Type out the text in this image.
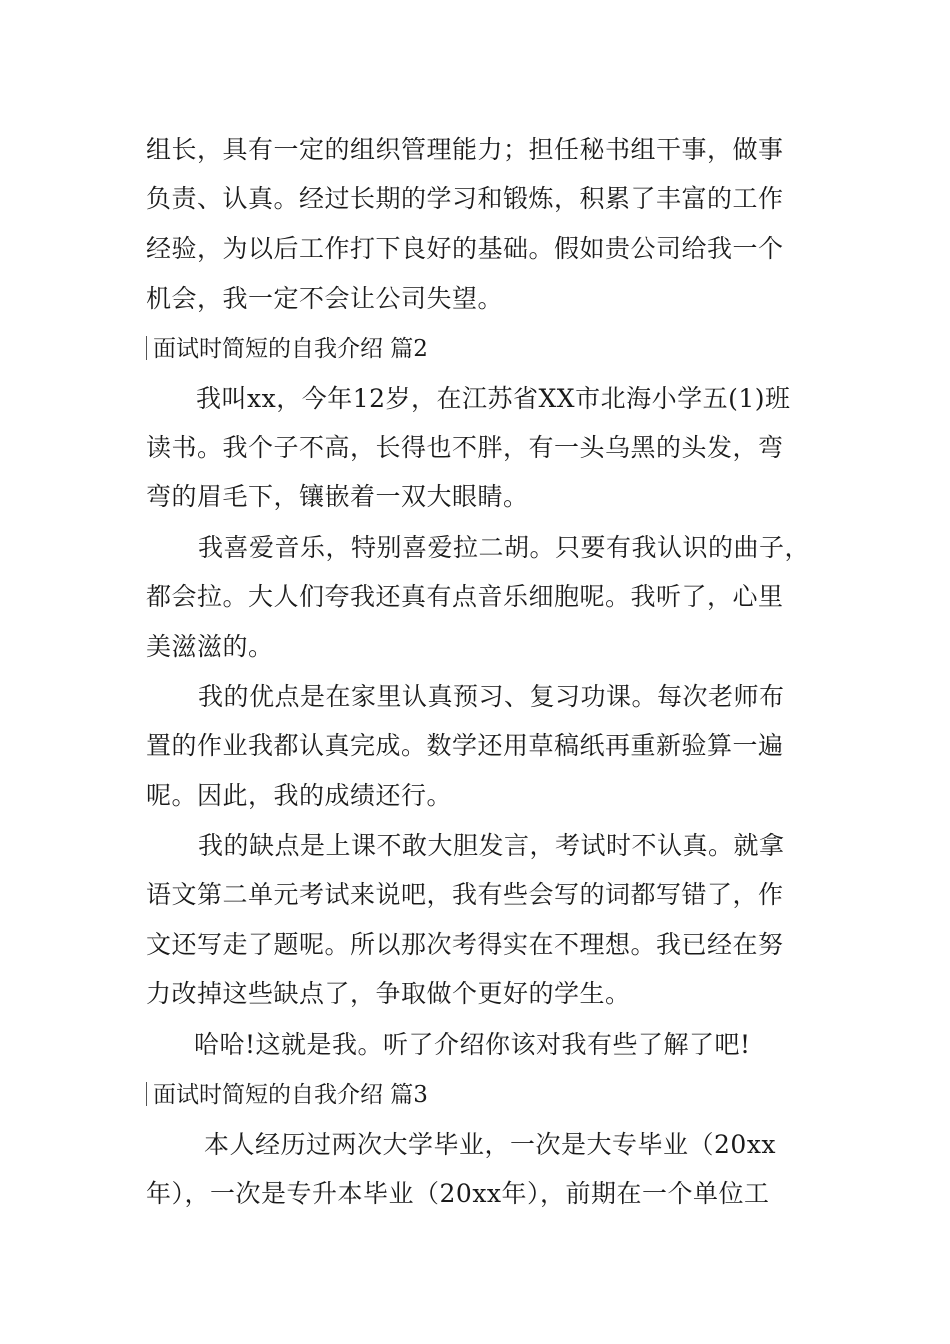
组长，具有一定的组织管理能力；担任秘书组干事，做事
负责、认真。经过长期的学习和锻炼，积累了丰富的工作
经验，为以后工作打下良好的基础。假如贵公司给我一个
机会，我一定不会让公司失望。
面试时简短的自我介绍 篇2
我叫xx，今年12岁，在江苏省XX市北海小学五(1)班
读书。我个子不高，长得也不胖，有一头乌黑的头发，弯
弯的眉毛下，镶嵌着一双大眼睛。
我喜爱音乐，特别喜爱拉二胡。只要有我认识的曲子，
都会拉。大人们夸我还真有点音乐细胞呢。我听了，心里
美滋滋的。
我的优点是在家里认真预习、复习功课。每次老师布
置的作业我都认真完成。数学还用草稿纸再重新验算一遍
呢。因此，我的成绩还行。
我的缺点是上课不敢大胆发言，考试时不认真。就拿
语文第二单元考试来说吧，我有些会写的词都写错了，作
文还写走了题呢。所以那次考得实在不理想。我已经在努
力改掉这些缺点了，争取做个更好的学生。
哈哈!这就是我。听了介绍你该对我有些了解了吧!
面试时简短的自我介绍 篇3
本人经历过两次大学毕业，一次是大专毕业（20xx
年），一次是专升本毕业（20xx年），前期在一个单位工
